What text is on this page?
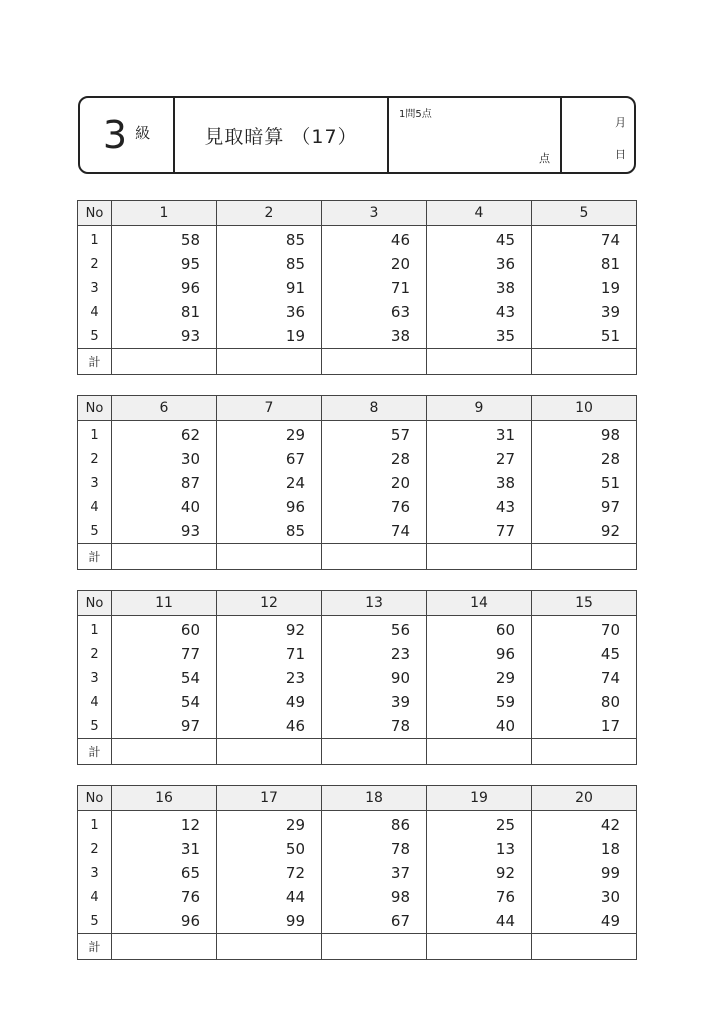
3 級	見取暗算 （17）
1問5点
点
月
日
No	1	2	3	4	5
1	58	85	46	45	74
2	95	85	20	36	81
3	96	91	71	38	19
4	81	36	63	43	39
5	93	19	38	35	51
計					
No	6	7	8	9	10
1	62	29	57	31	98
2	30	67	28	27	28
3	87	24	20	38	51
4	40	96	76	43	97
5	93	85	74	77	92
計					
No	11	12	13	14	15
1	60	92	56	60	70
2	77	71	23	96	45
3	54	23	90	29	74
4	54	49	39	59	80
5	97	46	78	40	17
計					
No	16	17	18	19	20
1	12	29	86	25	42
2	31	50	78	13	18
3	65	72	37	92	99
4	76	44	98	76	30
5	96	99	67	44	49
計					
